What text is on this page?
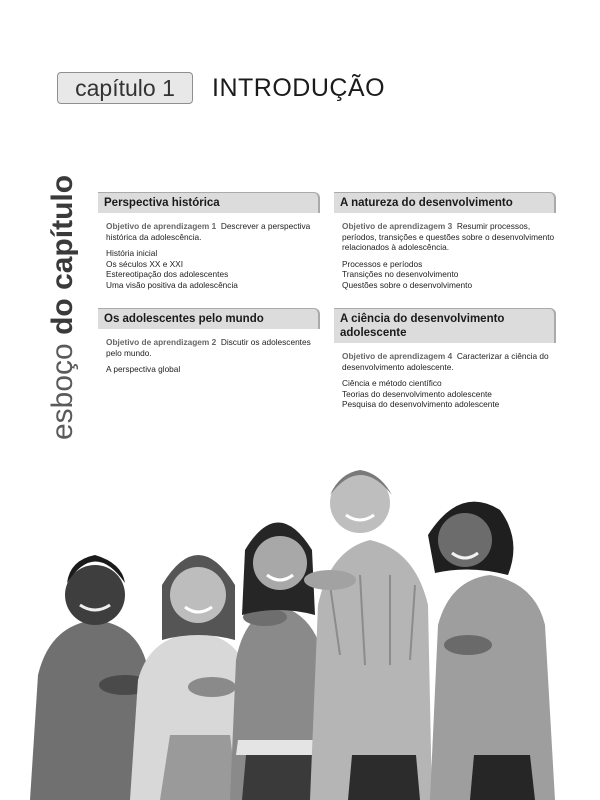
capítulo 1	INTRODUÇÃO
esboço do capítulo	Perspectiva histórica
Objetivo de aprendizagem 1 Descrever a perspectiva histórica da adolescência.
História inicial
Os séculos XX e XXI
Estereotipação dos adolescentes
Uma visão positiva da adolescência
A natureza do desenvolvimento
Objetivo de aprendizagem 3 Resumir processos, períodos, transições e questões sobre o desenvolvimento relacionados à adolescência.
Processos e períodos
Transições no desenvolvimento
Questões sobre o desenvolvimento
Os adolescentes pelo mundo
Objetivo de aprendizagem 2 Discutir os adolescentes pelo mundo.
A perspectiva global
A ciência do desenvolvimento adolescente
Objetivo de aprendizagem 4 Caracterizar a ciência do desenvolvimento adolescente.
Ciência e método científico
Teorias do desenvolvimento adolescente
Pesquisa do desenvolvimento adolescente
